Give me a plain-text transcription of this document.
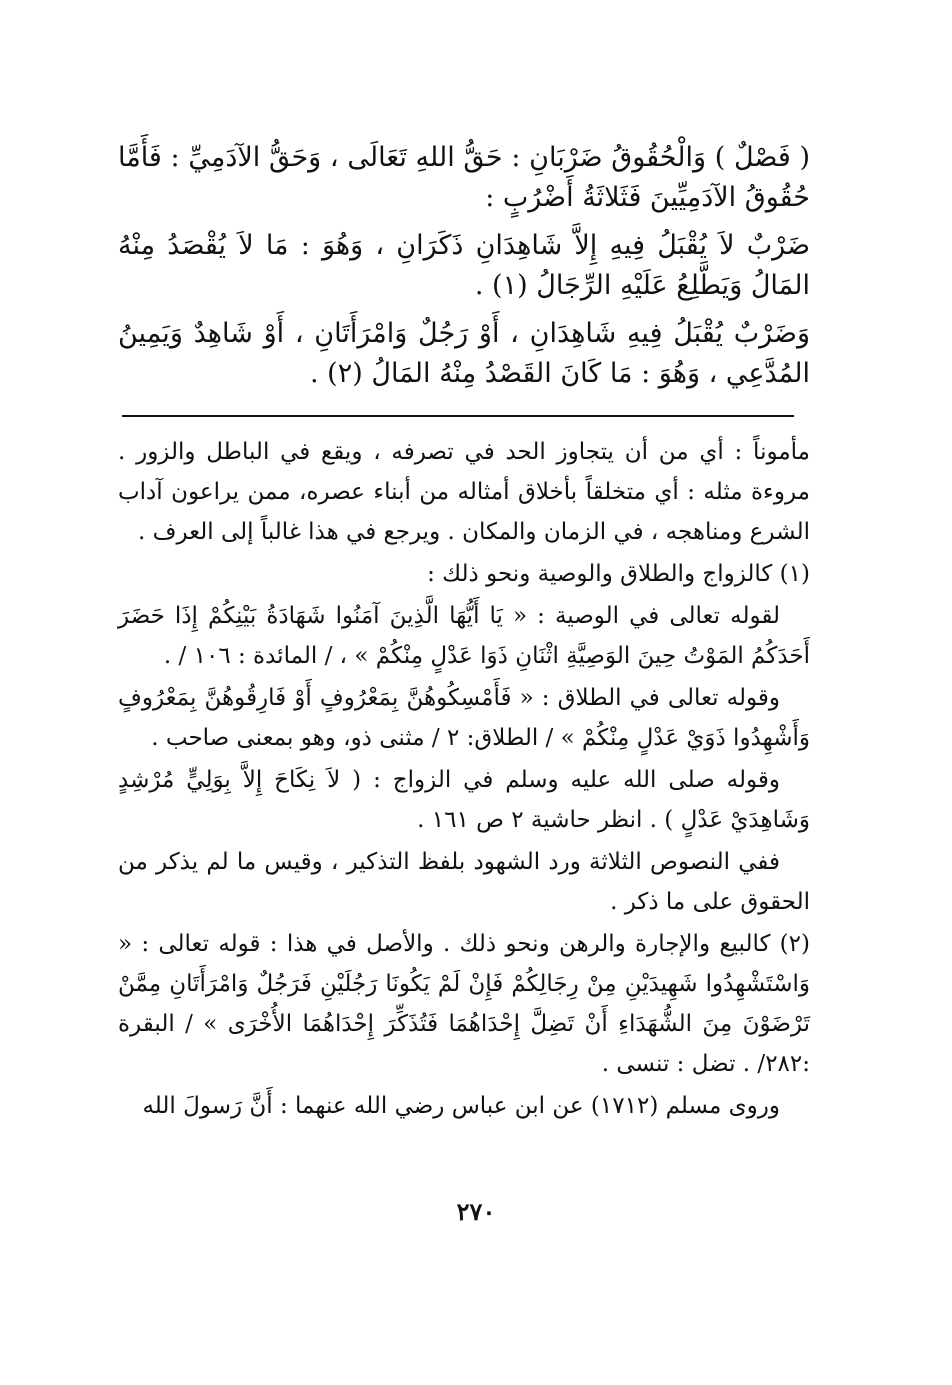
( فَصْلٌ ) وَالْحُقُوقُ ضَرْبَانِ : حَقُّ اللهِ تَعَالَى ، وَحَقُّ الآدَمِيِّ : فَأَمَّا حُقُوقُ الآدَمِيِّينَ فَثَلاثَةُ أَضْرُبٍ :

ضَرْبٌ لاَ يُقْبَلُ فِيهِ إِلاَّ شَاهِدَانِ ذَكَرَانِ ، وَهُوَ : مَا لاَ يُقْصَدُ مِنْهُ المَالُ وَيَطَّلِعُ عَلَيْهِ الرِّجَالُ (١) .

وَضَرْبٌ يُقْبَلُ فِيهِ شَاهِدَانِ ، أَوْ رَجُلٌ وَامْرَأَتَانِ ، أَوْ شَاهِدٌ وَيَمِينُ المُدَّعِي ، وَهُوَ : مَا كَانَ القَصْدُ مِنْهُ المَالُ (٢) .

مأموناً : أي من أن يتجاوز الحد في تصرفه ، ويقع في الباطل والزور . مروءة مثله : أي متخلقاً بأخلاق أمثاله من أبناء عصره، ممن يراعون آداب الشرع ومناهجه ، في الزمان والمكان . ويرجع في هذا غالباً إلى العرف .

(١) كالزواج والطلاق والوصية ونحو ذلك :

لقوله تعالى في الوصية : « يَا أَيُّهَا الَّذِينَ آمَنُوا شَهَادَةُ بَيْنِكُمْ إِذَا حَضَرَ أَحَدَكُمُ المَوْتُ حِينَ الوَصِيَّةِ اثْنَانِ ذَوَا عَدْلٍ مِنْكُمْ » ، / المائدة : ١٠٦ / .

وقوله تعالى في الطلاق : « فَأَمْسِكُوهُنَّ بِمَعْرُوفٍ أَوْ فَارِقُوهُنَّ بِمَعْرُوفٍ وَأَشْهِدُوا ذَوَيْ عَدْلٍ مِنْكُمْ » / الطلاق: ٢ / مثنى ذو، وهو بمعنى صاحب .

وقوله صلى الله عليه وسلم في الزواج : ( لاَ نِكَاحَ إِلاَّ بِوَلِيٍّ مُرْشِدٍ وَشَاهِدَيْ عَدْلٍ ) . انظر حاشية ٢ ص ١٦١ .

ففي النصوص الثلاثة ورد الشهود بلفظ التذكير ، وقيس ما لم يذكر من الحقوق على ما ذكر .

(٢) كالبيع والإجارة والرهن ونحو ذلك . والأصل في هذا : قوله تعالى : « وَاسْتَشْهِدُوا شَهِيدَيْنِ مِنْ رِجَالِكُمْ فَإِنْ لَمْ يَكُونَا رَجُلَيْنِ فَرَجُلٌ وَامْرَأَتَانِ مِمَّنْ تَرْضَوْنَ مِنَ الشُّهَدَاءِ أَنْ تَضِلَّ إِحْدَاهُمَا فَتُذَكِّرَ إِحْدَاهُمَا الأُخْرَى » / البقرة :٢٨٢/ . تضل : تنسى .

وروى مسلم (١٧١٢) عن ابن عباس رضي الله عنهما : أَنَّ رَسولَ الله

٢٧٠
